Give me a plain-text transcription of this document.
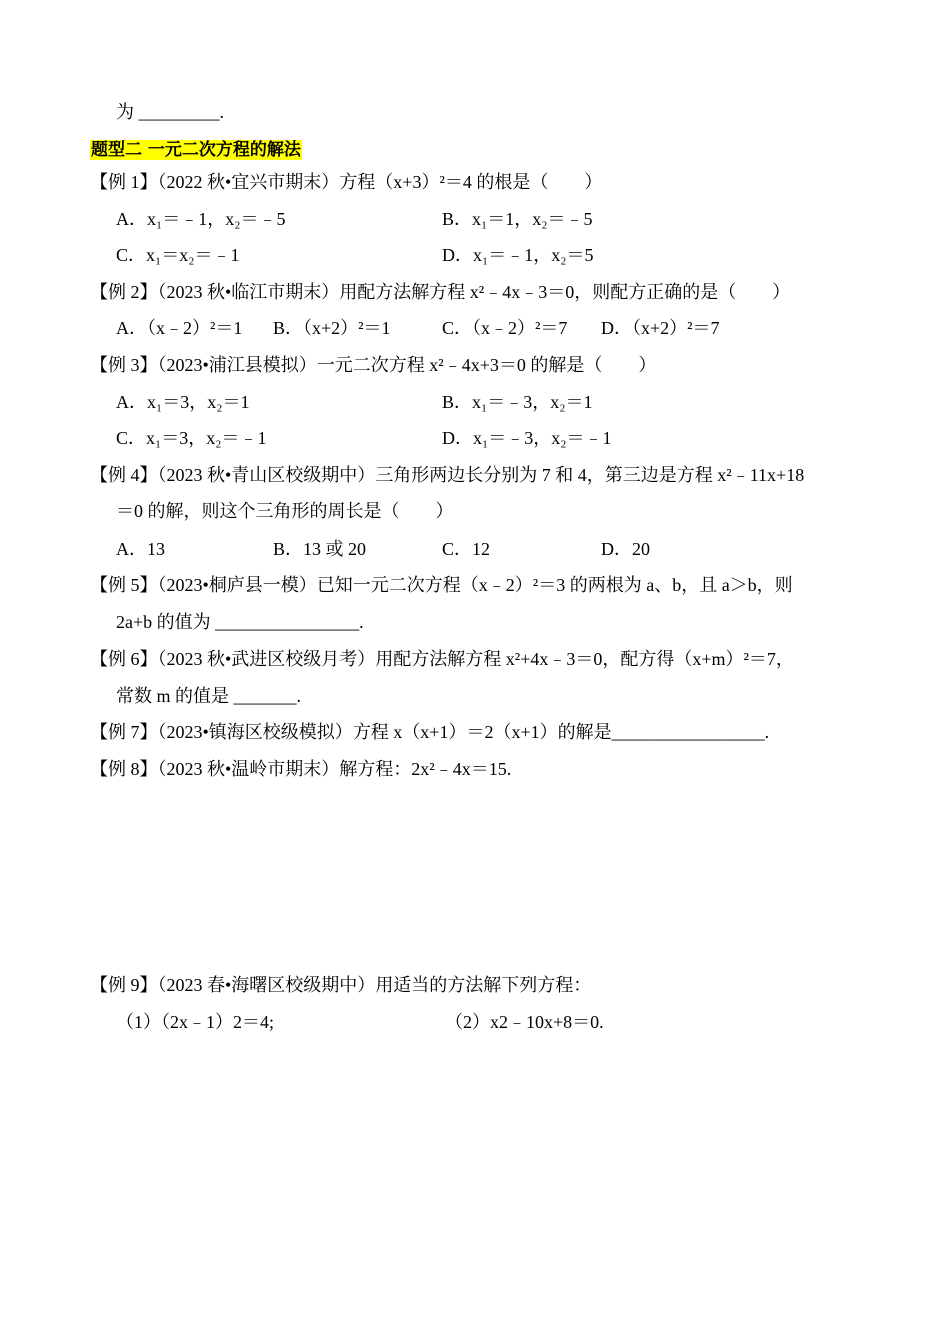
为 _________.
题型二 一元二次方程的解法
【例 1】（2022 秋•宜兴市期末）方程（x+3）²＝4 的根是（　　）
A．x₁＝﹣1，x₂＝﹣5	B．x₁＝1，x₂＝﹣5
C．x₁＝x₂＝﹣1	D．x₁＝﹣1，x₂＝5
【例 2】（2023 秋•临江市期末）用配方法解方程 x²﹣4x﹣3＝0，则配方正确的是（　　）
A．（x﹣2）²＝1 B．（x+2）²＝1	C．（x﹣2）²＝7 D．（x+2）²＝7
【例 3】（2023•浦江县模拟）一元二次方程 x²﹣4x+3＝0 的解是（　　）
A．x₁＝3，x₂＝1	B．x₁＝﹣3，x₂＝1
C．x₁＝3，x₂＝﹣1	D．x₁＝﹣3，x₂＝﹣1
【例 4】（2023 秋•青山区校级期中）三角形两边长分别为 7 和 4，第三边是方程 x²﹣11x+18
＝0 的解，则这个三角形的周长是（　　）
A．13	B．13 或 20	C．12	D．20
【例 5】（2023•桐庐县一模）已知一元二次方程（x﹣2）²＝3 的两根为 a、b，且 a＞b，则
2a+b 的值为 ________________.
【例 6】（2023 秋•武进区校级月考）用配方法解方程 x²+4x﹣3＝0，配方得（x+m）²＝7，
常数 m 的值是 _______.
【例 7】（2023•镇海区校级模拟）方程 x（x+1）＝2（x+1）的解是_________________.
【例 8】（2023 秋•温岭市期末）解方程：2x²﹣4x＝15.
【例 9】（2023 春•海曙区校级期中）用适当的方法解下列方程：
（1）（2x﹣1）2＝4;	（2）x2﹣10x+8＝0.
